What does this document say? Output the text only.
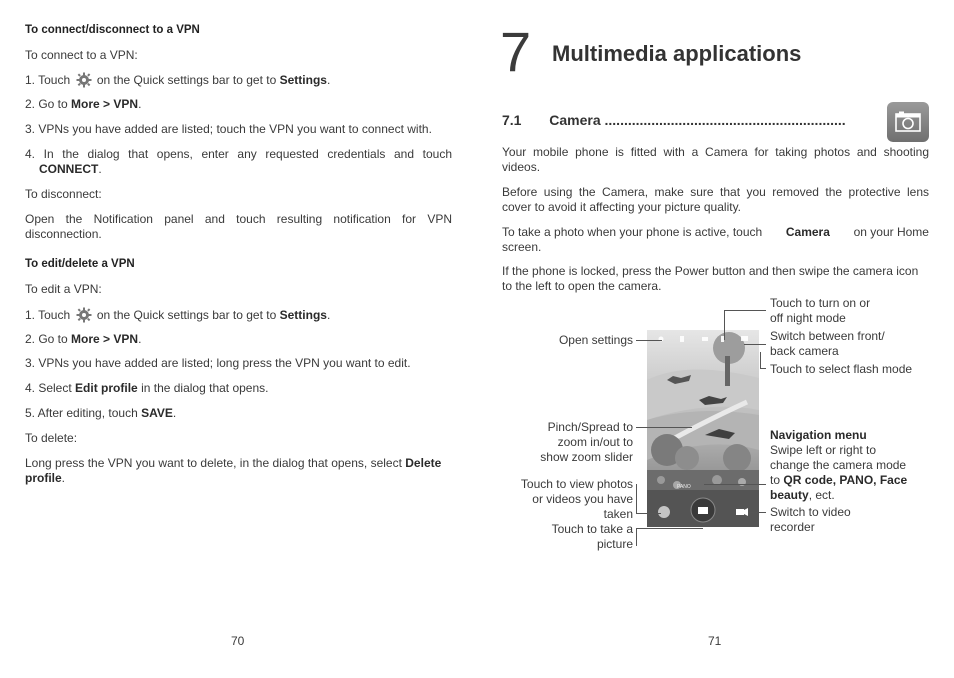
To connect/disconnect to a VPN
To connect to a VPN:
1. Touch on the Quick settings bar to get to Settings.
2. Go to More > VPN.
3. VPNs you have added are listed; touch the VPN you want to connect with.
4. In the dialog that opens, enter any requested credentials and touch
CONNECT.
To disconnect:
Open the Notification panel and touch resulting notification for VPN
disconnection.
To edit/delete a VPN
To edit a VPN:
1. Touch on the Quick settings bar to get to Settings.
2. Go to More > VPN.
3. VPNs you have added are listed; long press the VPN you want to edit.
4. Select Edit profile in the dialog that opens.
5. After editing, touch SAVE.
To delete:
Long press the VPN you want to delete, in the dialog that opens, select Delete
profile.
70
7 Multimedia applications
7.1 Camera ..............................................................
Your mobile phone is fitted with a Camera for taking photos and shooting
videos.
Before using the Camera, make sure that you removed the protective lens
cover to avoid it affecting your picture quality.
To take a photo when your phone is active, touch Camera on your Home
screen.
If the phone is locked, press the Power button and then swipe the camera icon
to the left to open the camera.
PANO
Open settings
Pinch/Spread to
zoom in/out to
show zoom slider
Touch to view photos
or videos you have
taken
Touch to take a
picture
Touch to turn on or
off night mode
Switch between front/
back camera
Touch to select flash mode
Navigation menu
Swipe left or right to
change the camera mode
to QR code, PANO, Face
beauty, ect.
Switch to video
recorder
71
